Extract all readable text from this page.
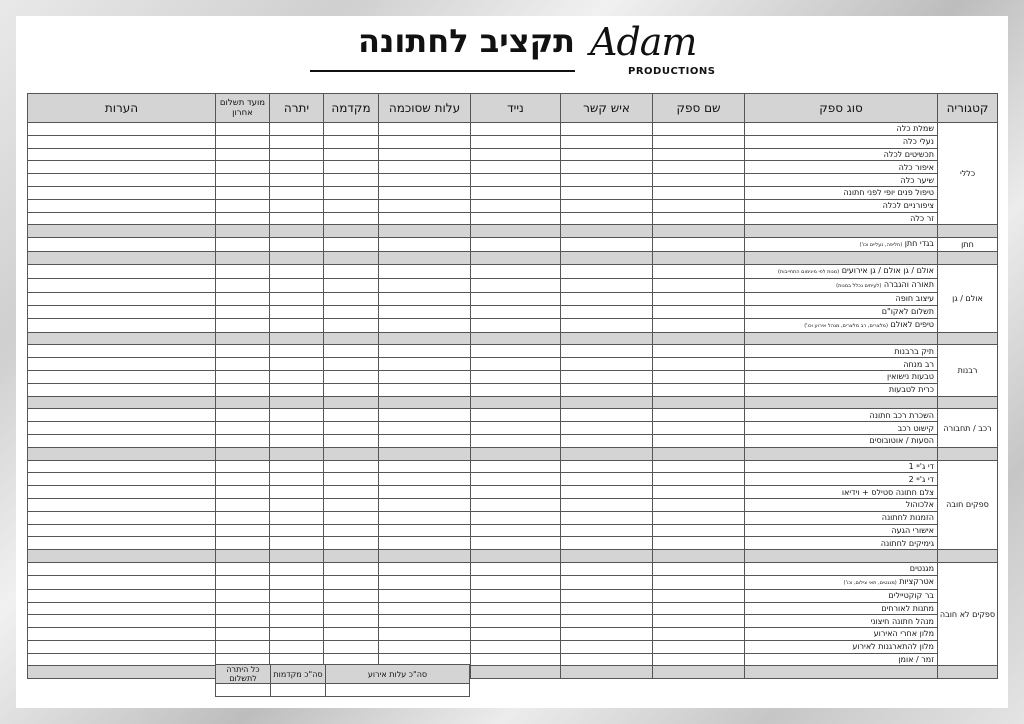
תקציב לחתונה Adam
PRODUCTIONS
קטגוריה	סוג ספק	שם ספק	איש קשר	נייד	עלות שסוכמה	מקדמה	יתרה	מועד תשלום אחרון	הערות
כללי	שמלת כלה								
	נעלי כלה								
	תכשיטים לכלה								
	איפור כלה								
	שיער כלה								
	טיפול פנים יופי לפני חתונה								
	ציפורניים לכלה								
	זר כלה								

חתן	בגדי חתן (חליפה, נעליים וכו')								

אולם / גן	אולם / גן אולם / גן אירועים (מנות לפי מינימום התחייבות)								
	תאורה והגברה (לעיתים נכלל במנות)								
	עיצוב חופה								
	תשלום לאקו"ם								
	טיפים לאולם (מלצרים, רב מלצרים, מנהל אירוע וכו')								

רבנות	תיק ברבנות								
	רב מנחה								
	טבעות נישואין								
	כרית לטבעות								

רכב / תחבורה	השכרת רכב חתונה								
	קישוט רכב								
	הסעות / אוטובוסים								

ספקים חובה	די ג'יי 1								
	די ג'יי 2								
	צלם חתונה סטילס + וידיאו								
	אלכוהול								
	הזמנות לחתונה								
	אישורי הגעה								
	גימיקים לחתונה								

ספקים לא חובה	מגנטים								
	אטרקציות (מגנטים, תאי צילום, וכו')								
	בר קוקטיילים								
	מתנות לאורחים								
	מנהל חתונה חיצוני								
	מלון אחרי האירוע								
	מלון להתארגנות לאירוע								
	זמר / אומן								

סה"כ עלות אירוע	סה"כ מקדמות	כל היתרה לתשלום
